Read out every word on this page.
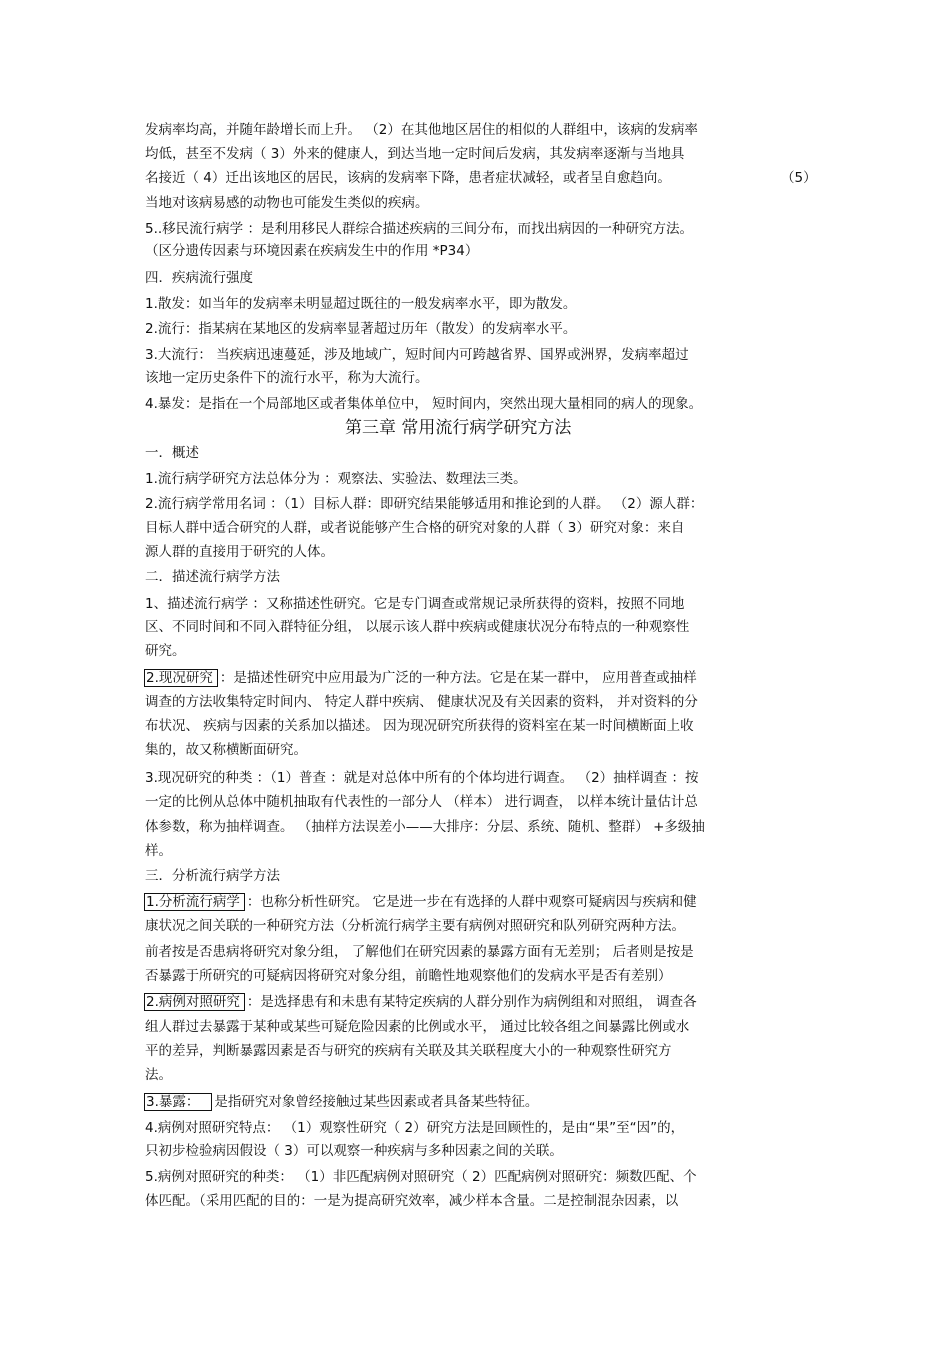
发病率均高，并随年龄增长而上升。 （2）在其他地区居住的相似的人群组中，该病的发病率
均低，甚至不发病（ 3）外来的健康人，到达当地一定时间后发病，其发病率逐渐与当地具
名接近（ 4）迁出该地区的居民，该病的发病率下降，患者症状减轻，或者呈自愈趋向。	（5）
当地对该病易感的动物也可能发生类似的疾病。
5..移民流行病学 ：是利用移民人群综合描述疾病的三间分布，而找出病因的一种研究方法。
（区分遗传因素与环境因素在疾病发生中的作用 *P34）
四．疾病流行强度
1.散发：如当年的发病率未明显超过既往的一般发病率水平，即为散发。
2.流行：指某病在某地区的发病率显著超过历年（散发）的发病率水平。
3.大流行： 当疾病迅速蔓延，涉及地域广，短时间内可跨越省界、国界或洲界，发病率超过
该地一定历史条件下的流行水平，称为大流行。
4.暴发：是指在一个局部地区或者集体单位中， 短时间内，突然出现大量相同的病人的现象。
第三章 常用流行病学研究方法
一．概述
1.流行病学研究方法总体分为 ：观察法、实验法、数理法三类。
2.流行病学常用名词 ：（1）目标人群：即研究结果能够适用和推论到的人群。 （2）源人群：
目标人群中适合研究的人群，或者说能够产生合格的研究对象的人群（ 3）研究对象：来自
源人群的直接用于研究的人体。
二．描述流行病学方法
1、描述流行病学 ：又称描述性研究。它是专门调查或常规记录所获得的资料，按照不同地
区、不同时间和不同入群特征分组， 以展示该人群中疾病或健康状况分布特点的一种观察性
研究。
2.现况研究 ：是描述性研究中应用最为广泛的一种方法。它是在某一群中， 应用普查或抽样
调查的方法收集特定时间内、 特定人群中疾病、 健康状况及有关因素的资料， 并对资料的分
布状况、 疾病与因素的关系加以描述。 因为现况研究所获得的资料室在某一时间横断面上收
集的，故又称横断面研究。
3.现况研究的种类 ：（1）普查 ：就是对总体中所有的个体均进行调查。 （2）抽样调查 ：按
一定的比例从总体中随机抽取有代表性的一部分人 （样本） 进行调查， 以样本统计量估计总
体参数，称为抽样调查。 （抽样方法误差小——大排序：分层、系统、随机、整群） +多级抽
样。
三．分析流行病学方法
1.分析流行病学 ：也称分析性研究。 它是进一步在有选择的人群中观察可疑病因与疾病和健
康状况之间关联的一种研究方法（分析流行病学主要有病例对照研究和队列研究两种方法。
前者按是否患病将研究对象分组， 了解他们在研究因素的暴露方面有无差别； 后者则是按是
否暴露于所研究的可疑病因将研究对象分组，前瞻性地观察他们的发病水平是否有差别）
2.病例对照研究 ：是选择患有和未患有某特定疾病的人群分别作为病例组和对照组， 调查各
组人群过去暴露于某种或某些可疑危险因素的比例或水平， 通过比较各组之间暴露比例或水
平的差异，判断暴露因素是否与研究的疾病有关联及其关联程度大小的一种观察性研究方
法。
3.暴露： 是指研究对象曾经接触过某些因素或者具备某些特征。
4.病例对照研究特点： （1）观察性研究（ 2）研究方法是回顾性的，是由“果”至“因”的，
只初步检验病因假设（ 3）可以观察一种疾病与多种因素之间的关联。
5.病例对照研究的种类： （1）非匹配病例对照研究（ 2）匹配病例对照研究：频数匹配、个
体匹配。（采用匹配的目的：一是为提高研究效率，减少样本含量。二是控制混杂因素，以
